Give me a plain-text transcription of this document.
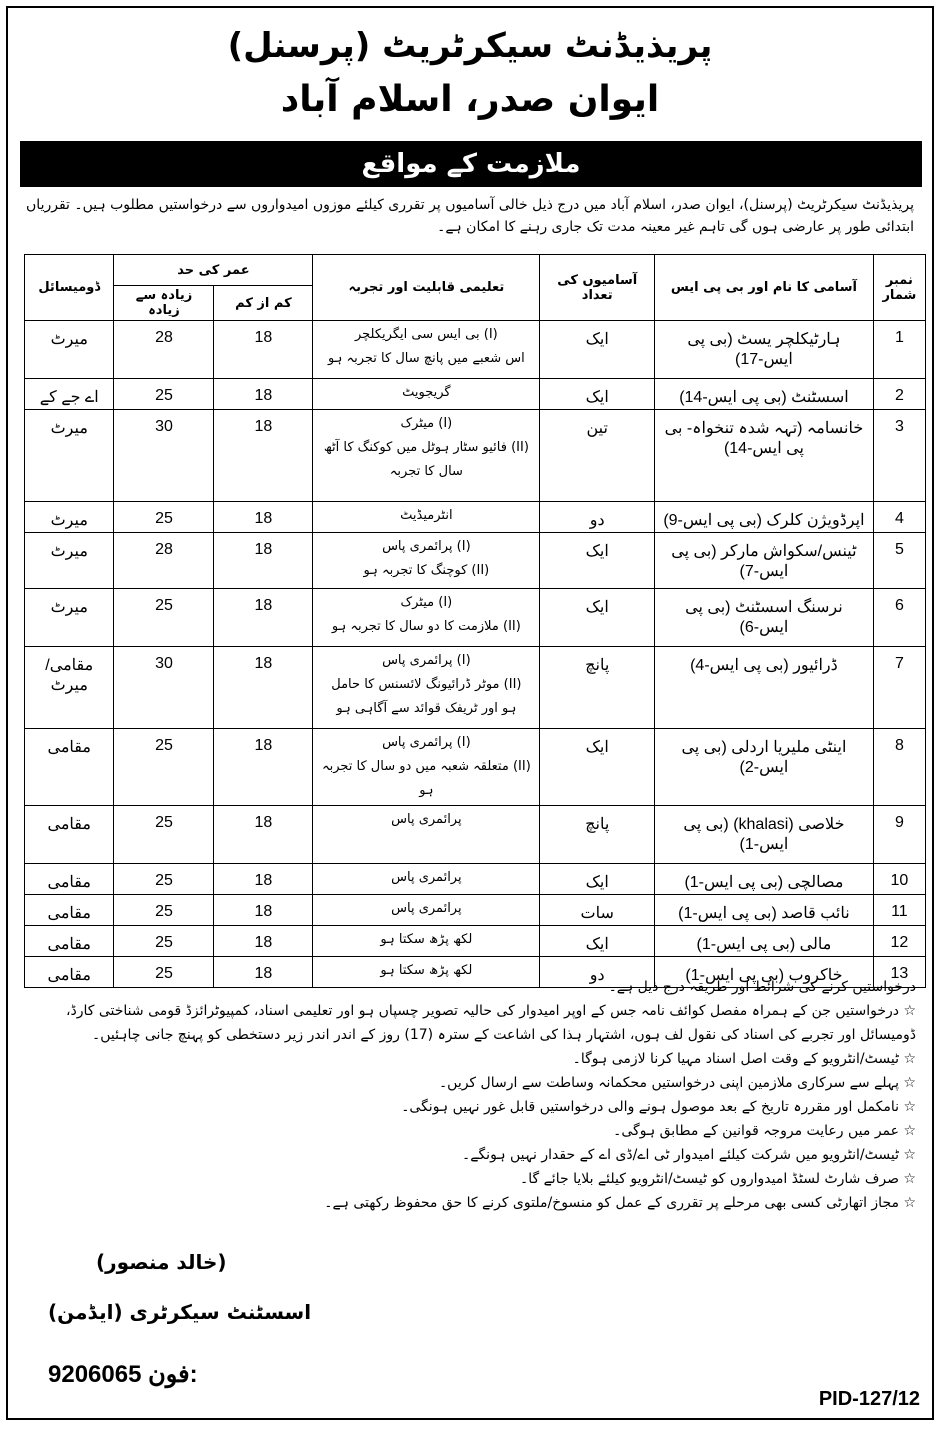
پریذیڈنٹ سیکرٹریٹ (پرسنل)
ایوان صدر، اسلام آباد
ملازمت کے مواقع
پریذیڈنٹ سیکرٹریٹ (پرسنل)، ایوان صدر، اسلام آباد میں درج ذیل خالی آسامیوں پر تقرری کیلئے موزوں امیدواروں سے درخواستیں مطلوب ہیں۔ تقرریاں ابتدائی طور پر عارضی ہوں گی تاہم غیر معینہ مدت تک جاری رہنے کا امکان ہے۔
نمبر شمار	آسامی کا نام اور بی پی ایس	آسامیوں کی تعداد	تعلیمی قابلیت اور تجربہ	عمر کی حد		ڈومیسائل
				کم از کم	زیادہ سے زیادہ	
1	ہارٹیکلچر یسٹ (بی پی ایس-17)	ایک	(I) بی ایس سی ایگریکلچر
اس شعبے میں پانچ سال کا تجربہ ہو	18	28	میرٹ
2	اسسٹنٹ (بی پی ایس-14)	ایک	گریجویٹ	18	25	اے جے کے
3	خانسامہ (تہہ شدہ تنخواہ- بی پی ایس-14)	تین	(I) میٹرک
(II) فائیو سٹار ہوٹل میں کوکنگ کا آٹھ
سال کا تجربہ	18	30	میرٹ
4	اپرڈویژن کلرک (بی پی ایس-9)	دو	انٹرمیڈیٹ	18	25	میرٹ
5	ٹینس/سکواش مارکر (بی پی ایس-7)	ایک	(I) پرائمری پاس
(II) کوچنگ کا تجربہ ہو	18	28	میرٹ
6	نرسنگ اسسٹنٹ (بی پی ایس-6)	ایک	(I) میٹرک
(II) ملازمت کا دو سال کا تجربہ ہو	18	25	میرٹ
7	ڈرائیور (بی پی ایس-4)	پانچ	(I) پرائمری پاس
(II) موٹر ڈرائیونگ لائسنس کا حامل
ہو اور ٹریفک قوائد سے آگاہی ہو	18	30	مقامی/میرٹ
8	اینٹی ملیریا اردلی (بی پی ایس-2)	ایک	(I) پرائمری پاس
(II) متعلقہ شعبہ میں دو سال کا تجربہ ہو	18	25	مقامی
9	خلاصی (khalasi) (بی پی ایس-1)	پانچ	پرائمری پاس	18	25	مقامی
10	مصالچی (بی پی ایس-1)	ایک	پرائمری پاس	18	25	مقامی
11	نائب قاصد (بی پی ایس-1)	سات	پرائمری پاس	18	25	مقامی
12	مالی (بی پی ایس-1)	ایک	لکھ پڑھ سکتا ہو	18	25	مقامی
13	خاکروب (بی پی ایس-1)	دو	لکھ پڑھ سکتا ہو	18	25	مقامی

درخواستیں کرنے کی شرائط اور طریقہ درج ذیل ہے۔

☆ درخواستیں جن کے ہمراہ مفصل کوائف نامہ جس کے اوپر امیدوار کی حالیہ تصویر چسپاں ہو اور تعلیمی اسناد، کمپیوٹرائزڈ قومی شناختی کارڈ، ڈومیسائل اور تجربے کی اسناد کی نقول لف ہوں، اشتہار ہذا کی اشاعت کے سترہ (17) روز کے اندر اندر زیر دستخطی کو پہنچ جانی چاہئیں۔

☆ ٹیسٹ/انٹرویو کے وقت اصل اسناد مہیا کرنا لازمی ہوگا۔

☆ پہلے سے سرکاری ملازمین اپنی درخواستیں محکمانہ وساطت سے ارسال کریں۔

☆ نامکمل اور مقررہ تاریخ کے بعد موصول ہونے والی درخواستیں قابل غور نہیں ہونگی۔

☆ عمر میں رعایت مروجہ قوانین کے مطابق ہوگی۔

☆ ٹیسٹ/انٹرویو میں شرکت کیلئے امیدوار ٹی اے/ڈی اے کے حقدار نہیں ہونگے۔

☆ صرف شارٹ لسٹڈ امیدواروں کو ٹیسٹ/انٹرویو کیلئے بلایا جائے گا۔

☆ مجاز اتھارٹی کسی بھی مرحلے پر تقرری کے عمل کو منسوخ/ملتوی کرنے کا حق محفوظ رکھتی ہے۔

(خالد منصور)
اسسٹنٹ سیکرٹری (ایڈمن)
9206065 فون:
PID-127/12
